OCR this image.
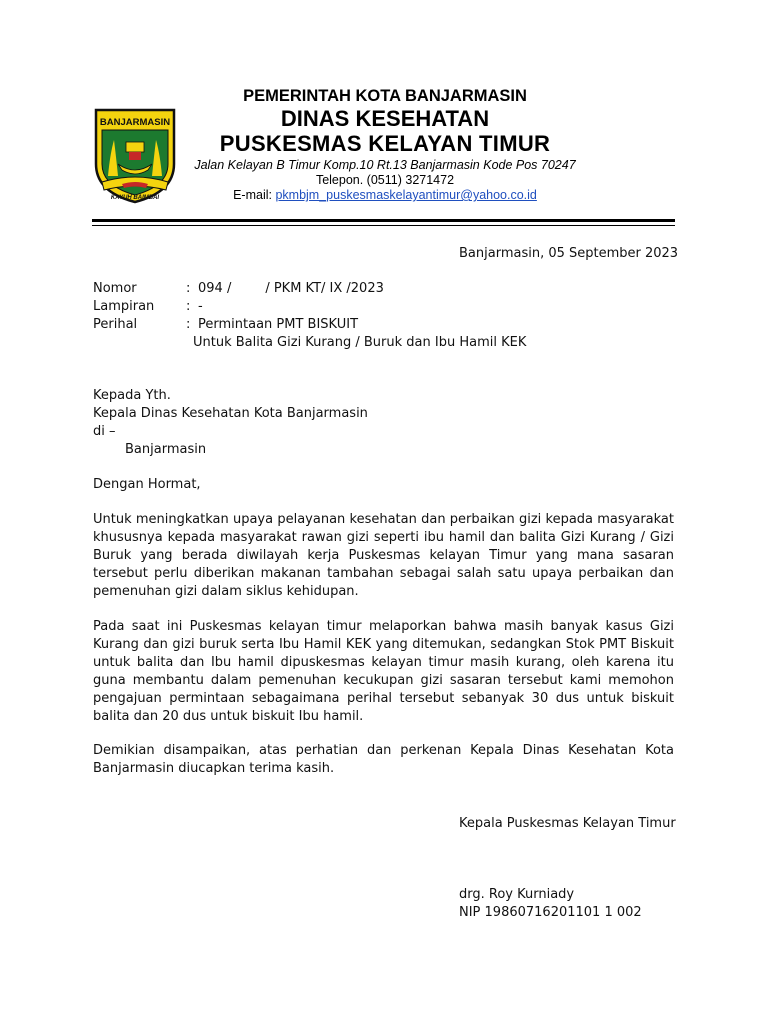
BANJARMASIN
KAYUH BAIMBAI
PEMERINTAH KOTA BANJARMASIN
DINAS KESEHATAN
PUSKESMAS KELAYAN TIMUR
Jalan Kelayan B Timur Komp.10 Rt.13 Banjarmasin Kode Pos 70247
Telepon. (0511) 3271472
E-mail: pkmbjm_puskesmaskelayantimur@yahoo.co.id
Banjarmasin, 05 September 2023
Nomor	: 094 /	/ PKM KT/ IX /2023
Lampiran : -
Perihal	: Permintaan PMT BISKUIT
Untuk Balita Gizi Kurang / Buruk dan Ibu Hamil KEK
Kepada Yth.
Kepala Dinas Kesehatan Kota Banjarmasin
di –
Banjarmasin
Dengan Hormat,
Untuk meningkatkan upaya pelayanan kesehatan dan perbaikan gizi kepada masyarakat khususnya kepada masyarakat rawan gizi seperti ibu hamil dan balita Gizi Kurang / Gizi Buruk yang berada diwilayah kerja Puskesmas kelayan Timur yang mana sasaran tersebut perlu diberikan makanan tambahan sebagai salah satu upaya perbaikan dan pemenuhan gizi dalam siklus kehidupan.
Pada saat ini Puskesmas kelayan timur melaporkan bahwa masih banyak kasus Gizi Kurang dan gizi buruk serta Ibu Hamil KEK yang ditemukan, sedangkan Stok PMT Biskuit untuk balita dan Ibu hamil dipuskesmas kelayan timur masih kurang, oleh karena itu guna membantu dalam pemenuhan kecukupan gizi sasaran tersebut kami memohon pengajuan permintaan sebagaimana perihal tersebut sebanyak 30 dus untuk biskuit balita dan 20 dus untuk biskuit Ibu hamil.
Demikian disampaikan, atas perhatian dan perkenan Kepala Dinas Kesehatan Kota Banjarmasin diucapkan terima kasih.
Kepala Puskesmas Kelayan Timur
drg. Roy Kurniady
NIP 19860716201101 1 002
